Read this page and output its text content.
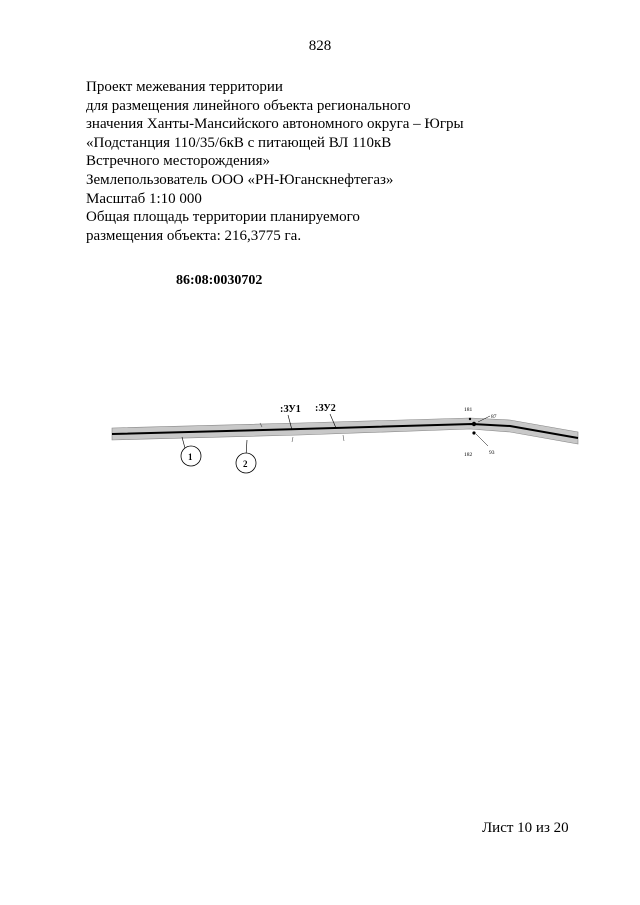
828
Проект межевания территории
для размещения линейного объекта регионального
значения Ханты-Мансийского автономного округа – Югры
«Подстанция 110/35/6кВ с питающей ВЛ 110кВ
Встречного месторождения»
Землепользователь ООО «РН-Юганскнефтегаз»
Масштаб 1:10 000
Общая площадь территории планируемого
размещения объекта: 216,3775 га.
86:08:0030702
:ЗУ1 :ЗУ2
1
2
181
87
182	93
Лист 10 из 20
